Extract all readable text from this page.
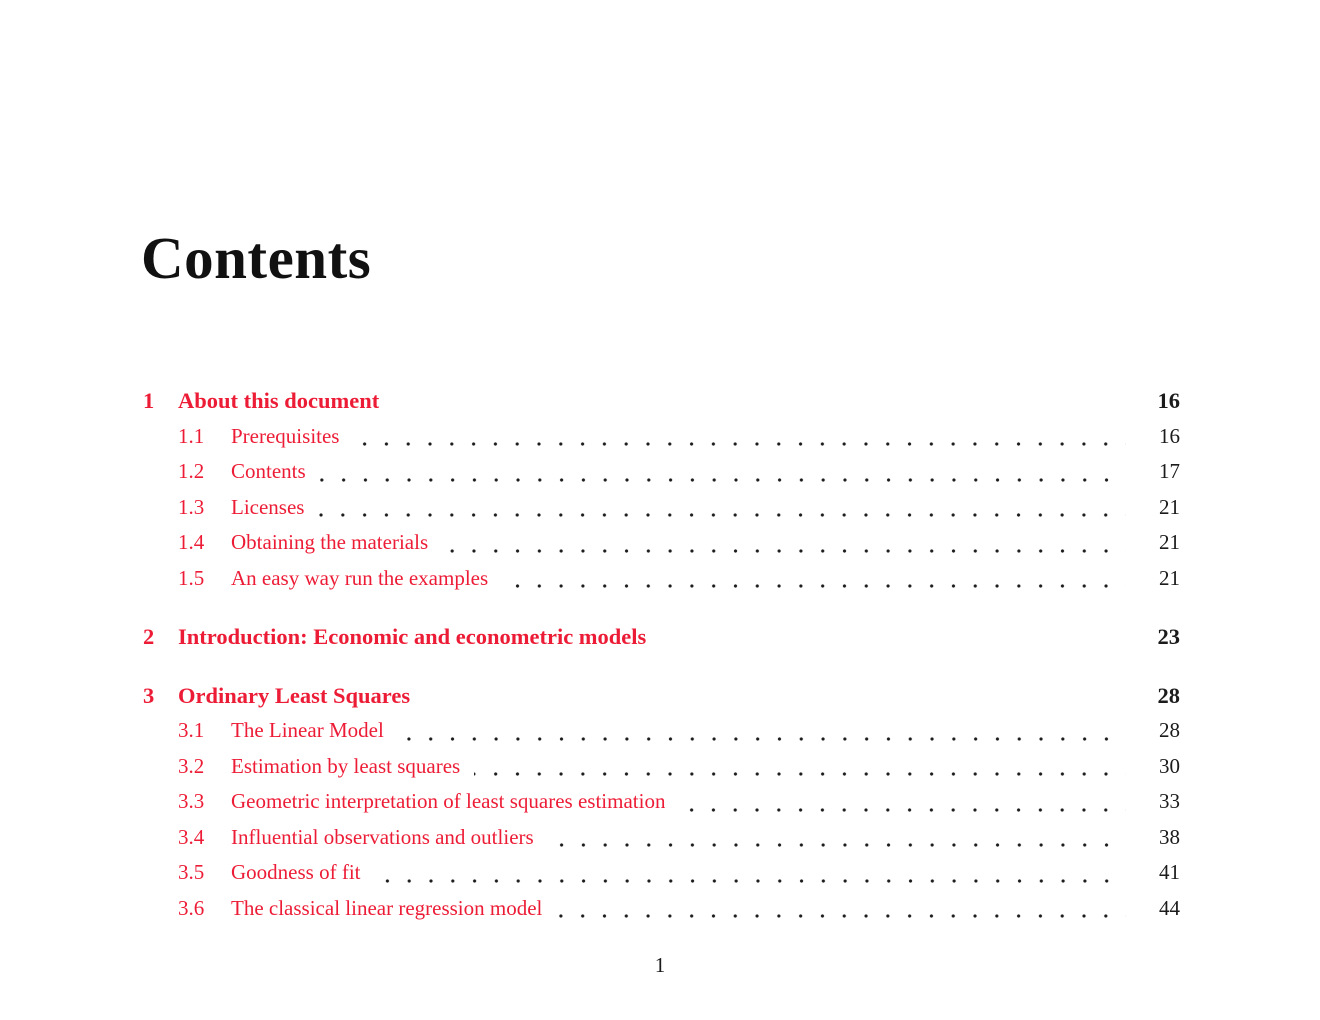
Contents
1	About this document	16
1.1	Prerequisites	16
1.2	Contents	17
1.3	Licenses	21
1.4	Obtaining the materials	21
1.5	An easy way run the examples	21
2	Introduction: Economic and econometric models	23
3	Ordinary Least Squares	28
3.1	The Linear Model	28
3.2	Estimation by least squares	30
3.3	Geometric interpretation of least squares estimation	33
3.4	Influential observations and outliers	38
3.5	Goodness of fit	41
3.6	The classical linear regression model	44
1
